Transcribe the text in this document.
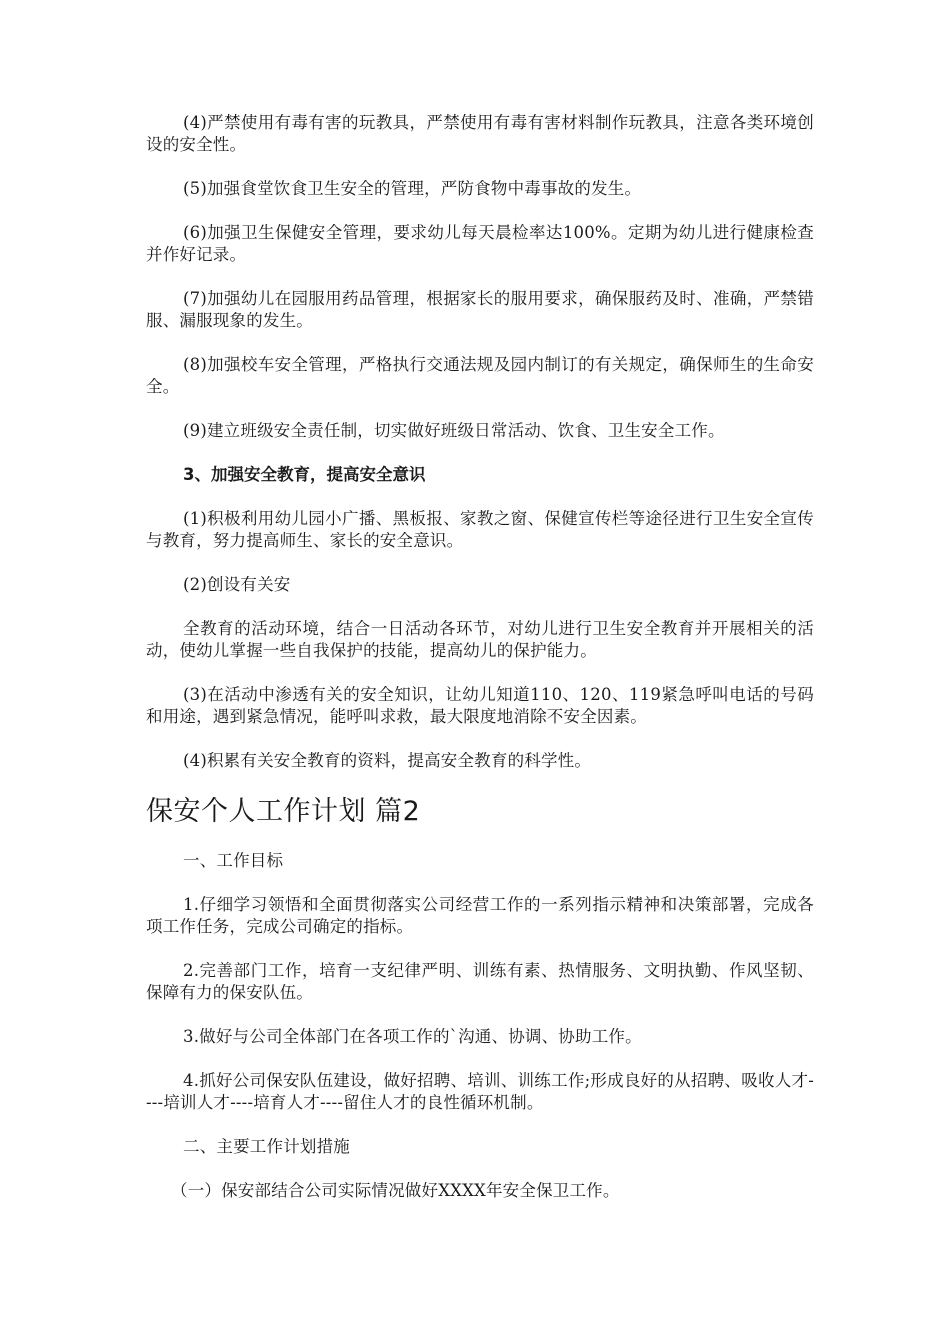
(4)严禁使用有毒有害的玩教具，严禁使用有毒有害材料制作玩教具，注意各类环境创设的安全性。

(5)加强食堂饮食卫生安全的管理，严防食物中毒事故的发生。

(6)加强卫生保健安全管理，要求幼儿每天晨检率达100%。定期为幼儿进行健康检查并作好记录。

(7)加强幼儿在园服用药品管理，根据家长的服用要求，确保服药及时、准确，严禁错服、漏服现象的发生。

(8)加强校车安全管理，严格执行交通法规及园内制订的有关规定，确保师生的生命安全。

(9)建立班级安全责任制，切实做好班级日常活动、饮食、卫生安全工作。

3、加强安全教育，提高安全意识

(1)积极利用幼儿园小广播、黑板报、家教之窗、保健宣传栏等途径进行卫生安全宣传与教育，努力提高师生、家长的安全意识。

(2)创设有关安

全教育的活动环境，结合一日活动各环节，对幼儿进行卫生安全教育并开展相关的活动，使幼儿掌握一些自我保护的技能，提高幼儿的保护能力。

(3)在活动中渗透有关的安全知识，让幼儿知道110、120、119紧急呼叫电话的号码和用途，遇到紧急情况，能呼叫求救，最大限度地消除不安全因素。

(4)积累有关安全教育的资料，提高安全教育的科学性。

保安个人工作计划 篇2

一、工作目标

1.仔细学习领悟和全面贯彻落实公司经营工作的一系列指示精神和决策部署，完成各项工作任务，完成公司确定的指标。

2.完善部门工作，培育一支纪律严明、训练有素、热情服务、文明执勤、作风坚韧、保障有力的保安队伍。

3.做好与公司全体部门在各项工作的`沟通、协调、协助工作。

4.抓好公司保安队伍建设，做好招聘、培训、训练工作;形成良好的从招聘、吸收人才----培训人才----培育人才----留住人才的良性循环机制。

二、主要工作计划措施

（一）保安部结合公司实际情况做好XXXX年安全保卫工作。
